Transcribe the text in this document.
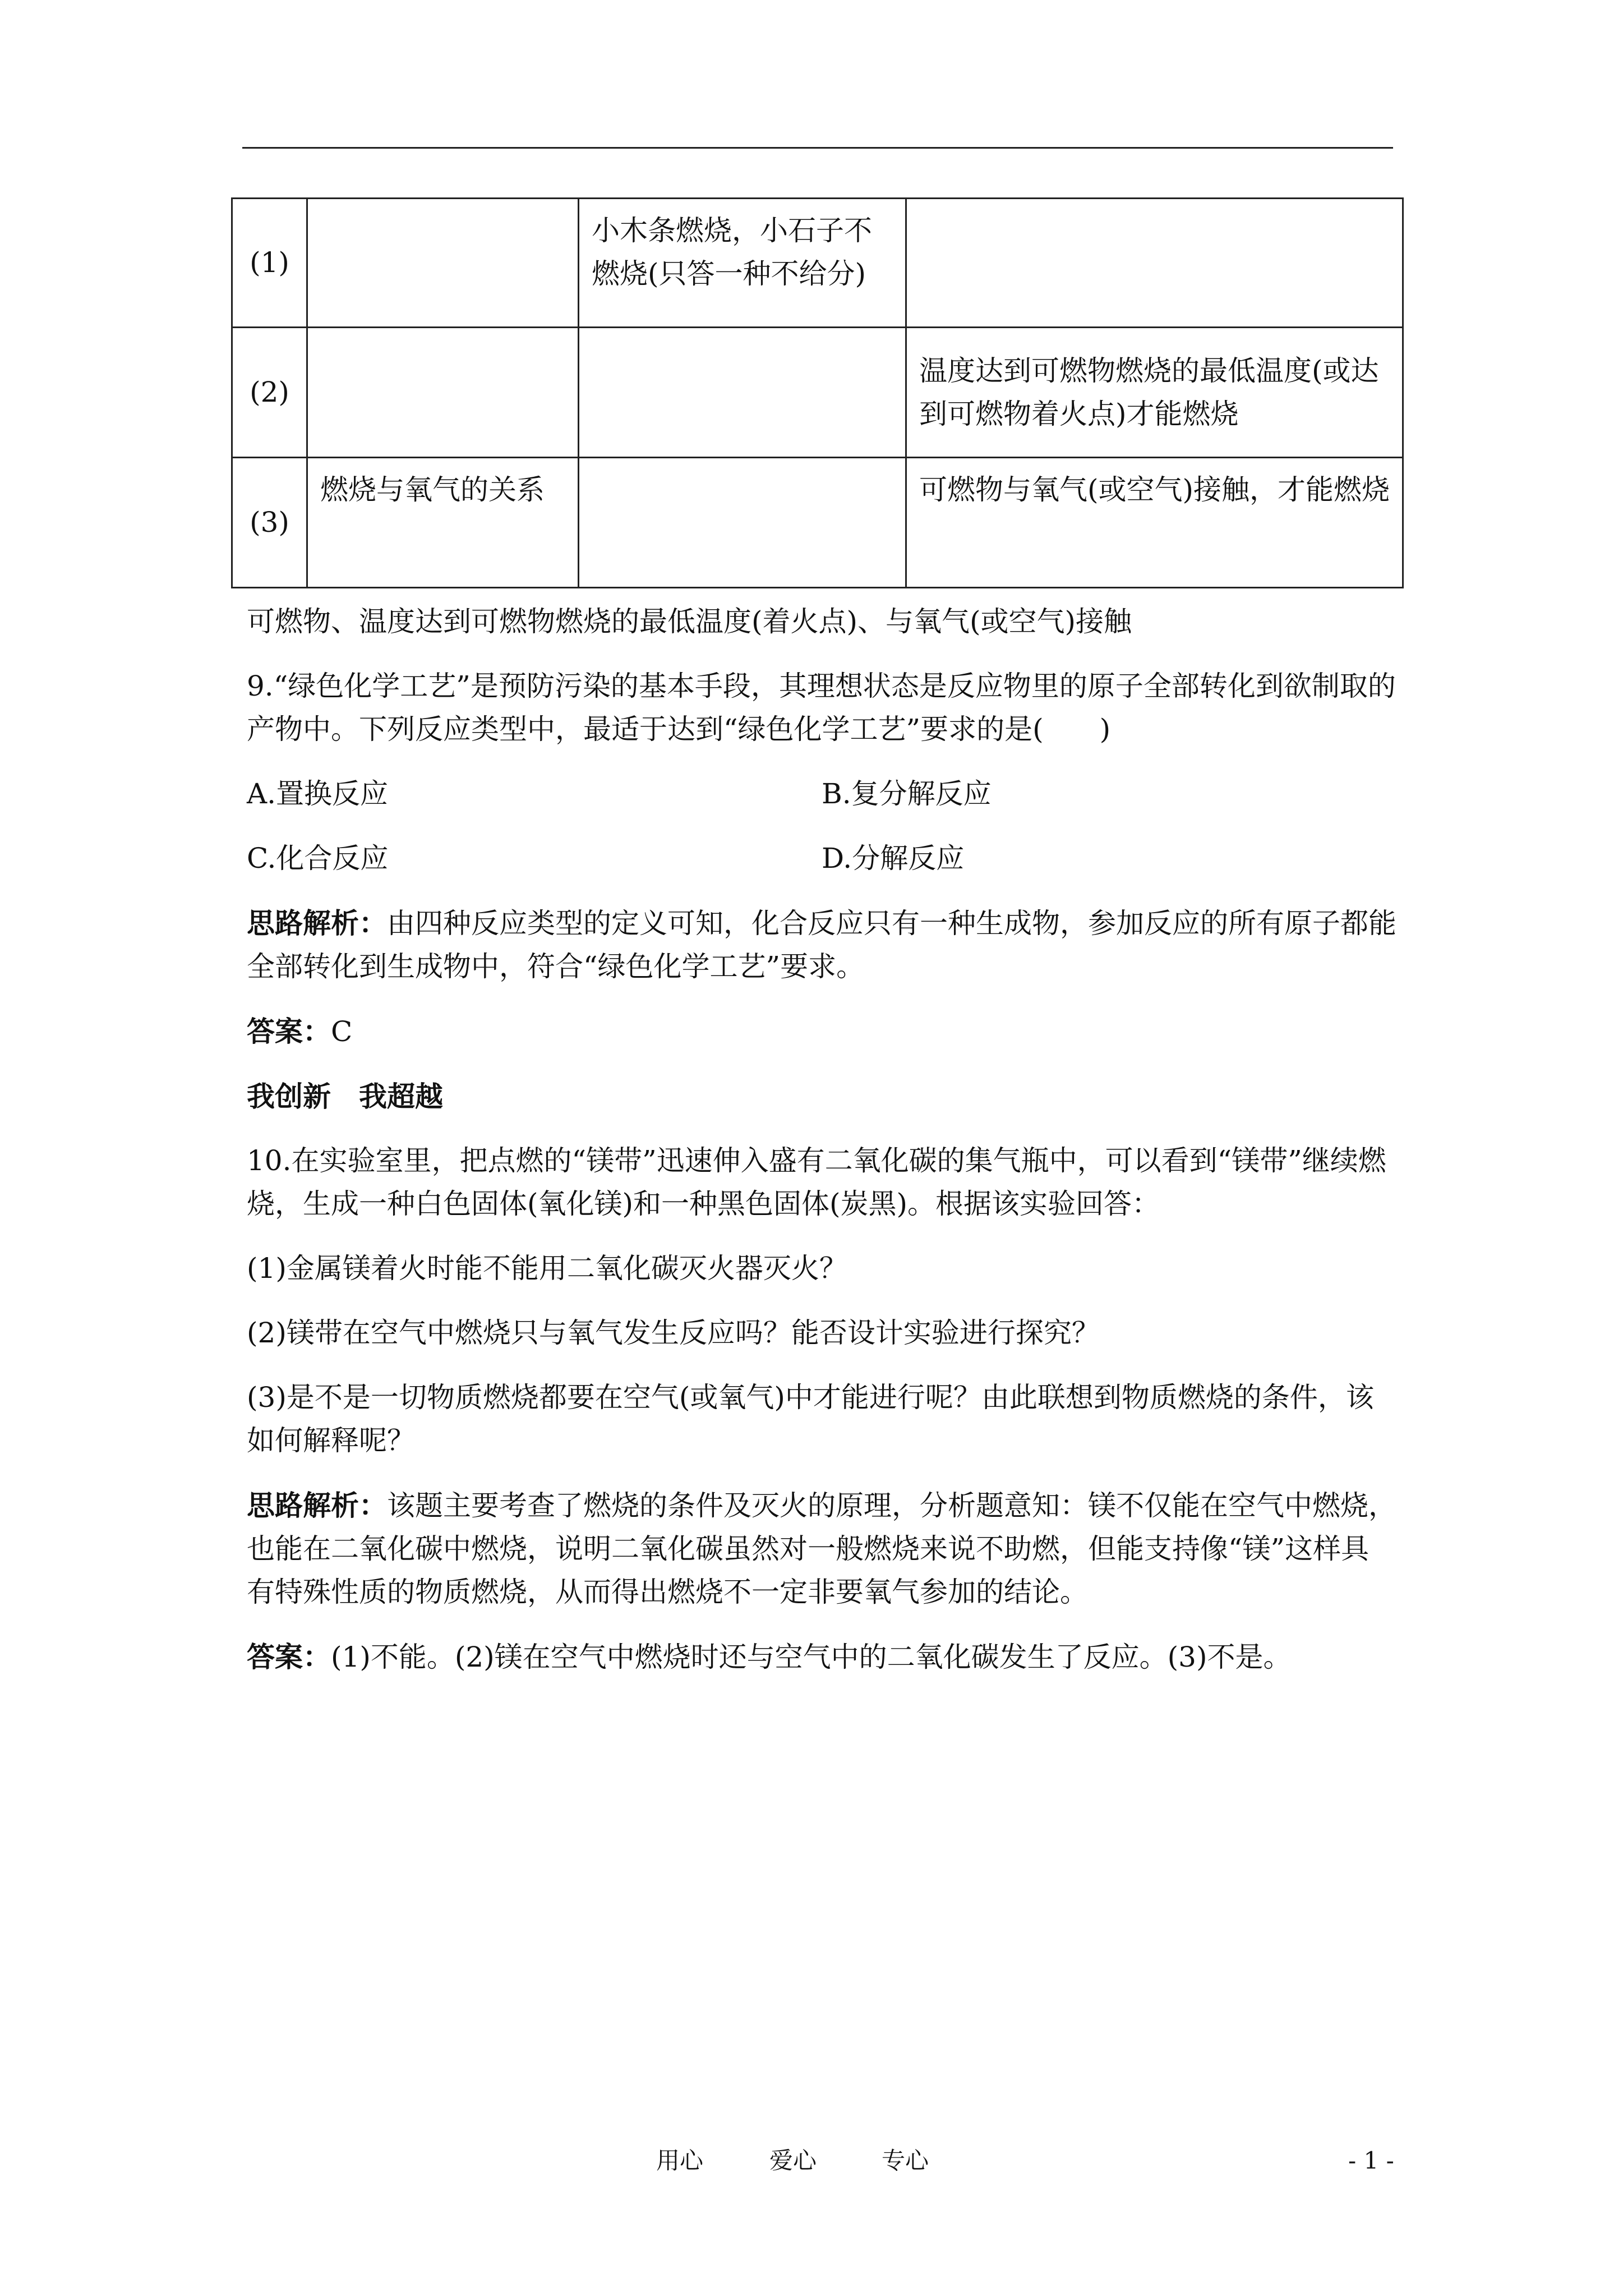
(1)		小木条燃烧，小石子不燃烧(只答一种不给分)	
(2)			温度达到可燃物燃烧的最低温度(或达到可燃物着火点)才能燃烧
(3)	燃烧与氧气的关系		可燃物与氧气(或空气)接触，才能燃烧

可燃物、温度达到可燃物燃烧的最低温度(着火点)、与氧气(或空气)接触

9.“绿色化学工艺”是预防污染的基本手段，其理想状态是反应物里的原子全部转化到欲制取的产物中。下列反应类型中，最适于达到“绿色化学工艺”要求的是(　　)

A.置换反应	B.复分解反应
C.化合反应	D.分解反应

思路解析：由四种反应类型的定义可知，化合反应只有一种生成物，参加反应的所有原子都能全部转化到生成物中，符合“绿色化学工艺”要求。

答案：C

我创新　我超越

10.在实验室里，把点燃的“镁带”迅速伸入盛有二氧化碳的集气瓶中，可以看到“镁带”继续燃烧，生成一种白色固体(氧化镁)和一种黑色固体(炭黑)。根据该实验回答：

(1)金属镁着火时能不能用二氧化碳灭火器灭火？

(2)镁带在空气中燃烧只与氧气发生反应吗？能否设计实验进行探究？

(3)是不是一切物质燃烧都要在空气(或氧气)中才能进行呢？由此联想到物质燃烧的条件，该如何解释呢？

思路解析：该题主要考查了燃烧的条件及灭火的原理，分析题意知：镁不仅能在空气中燃烧，也能在二氧化碳中燃烧，说明二氧化碳虽然对一般燃烧来说不助燃，但能支持像“镁”这样具有特殊性质的物质燃烧，从而得出燃烧不一定非要氧气参加的结论。

答案：(1)不能。(2)镁在空气中燃烧时还与空气中的二氧化碳发生了反应。(3)不是。

用心	爱心	专心	- 1 -
